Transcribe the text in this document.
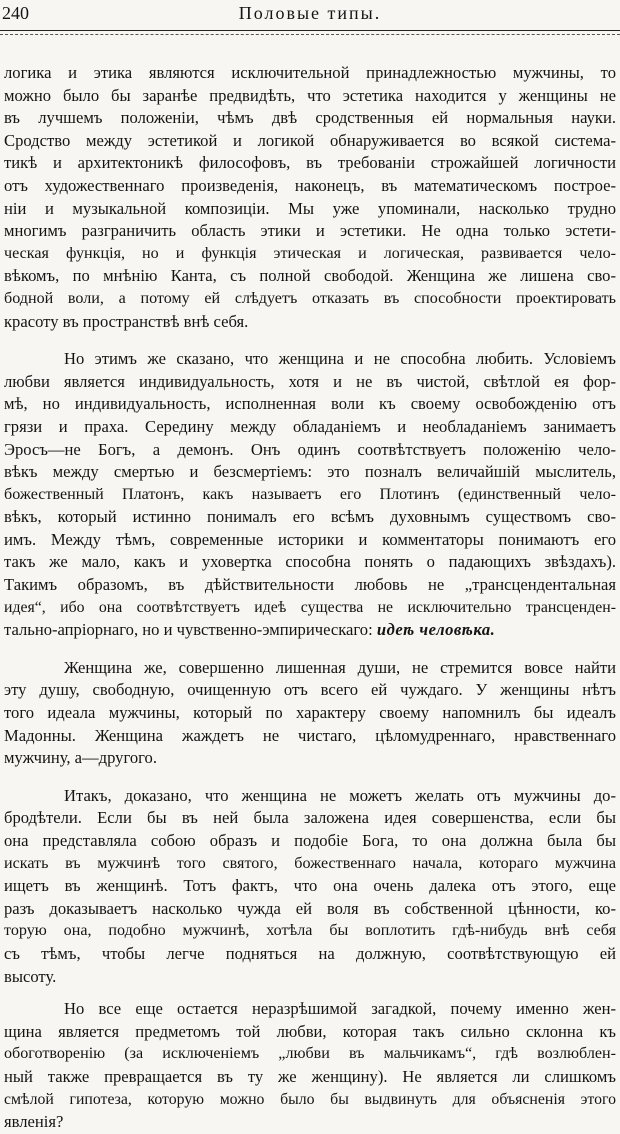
240	Половые типы.
логика и этика являются исключительной принадлежностью мужчины, то
можно было бы заранѣе предвидѣть, что эстетика находится у женщины не
въ лучшемъ положеніи, чѣмъ двѣ сродственныя ей нормальныя науки.
Сродство между эстетикой и логикой обнаруживается во всякой система-
тикѣ и архитектоникѣ философовъ, въ требованіи строжайшей логичности
отъ художественнаго произведенія, наконецъ, въ математическомъ построе-
ніи и музыкальной композиціи. Мы уже упоминали, насколько трудно
многимъ разграничить область этики и эстетики. Не одна только эстети-
ческая функція, но и функція этическая и логическая, развивается чело-
вѣкомъ, по мнѣнію Канта, съ полной свободой. Женщина же лишена сво-
бодной воли, а потому ей слѣдуетъ отказать въ способности проектировать
красоту въ пространствѣ внѣ себя.
Но этимъ же сказано, что женщина и не способна любить. Условіемъ
любви является индивидуальность, хотя и не въ чистой, свѣтлой ея фор-
мѣ, но индивидуальность, исполненная воли къ своему освобожденію отъ
грязи и праха. Середину между обладаніемъ и необладаніемъ занимаетъ
Эросъ—не Богъ, а демонъ. Онъ одинъ соотвѣтствуетъ положенію чело-
вѣкъ между смертью и безсмертіемъ: это позналъ величайшій мыслитель,
божественный Платонъ, какъ называетъ его Плотинъ (единственный чело-
вѣкъ, который истинно понималъ его всѣмъ духовнымъ существомъ сво-
имъ. Между тѣмъ, современные историки и комментаторы понимаютъ его
такъ же мало, какъ и уховертка способна понять о падающихъ звѣздахъ).
Такимъ образомъ, въ дѣйствительности любовь не „трансцендентальная
идея“, ибо она соотвѣтствуетъ идеѣ существа не исключительно трансценден-
тально-апріорнаго, но и чувственно-эмпирическаго: идеѣ человѣка.
Женщина же, совершенно лишенная души, не стремится вовсе найти
эту душу, свободную, очищенную отъ всего ей чуждаго. У женщины нѣтъ
того идеала мужчины, который по характеру своему напомнилъ бы идеалъ
Мадонны. Женщина жаждетъ не чистаго, цѣломудреннаго, нравственнаго
мужчину, а—другого.
Итакъ, доказано, что женщина не можетъ желать отъ мужчины до-
бродѣтели. Если бы въ ней была заложена идея совершенства, если бы
она представляла собою образъ и подобіе Бога, то она должна была бы
искать въ мужчинѣ того святого, божественнаго начала, котораго мужчина
ищетъ въ женщинѣ. Тотъ фактъ, что она очень далека отъ этого, еще
разъ доказываетъ насколько чужда ей воля въ собственной цѣнности, ко-
торую она, подобно мужчинѣ, хотѣла бы воплотить гдѣ-нибудь внѣ себя
съ тѣмъ, чтобы легче подняться на должную, соотвѣтствующую ей
высоту.
Но все еще остается неразрѣшимой загадкой, почему именно жен-
щина является предметомъ той любви, которая такъ сильно склонна къ
обоготворенію (за исключеніемъ „любви въ мальчикамъ“, гдѣ возлюблен-
ный также превращается въ ту же женщину). Не является ли слишкомъ
смѣлой гипотеза, которую можно было бы выдвинуть для объясненія этого
явленія?
